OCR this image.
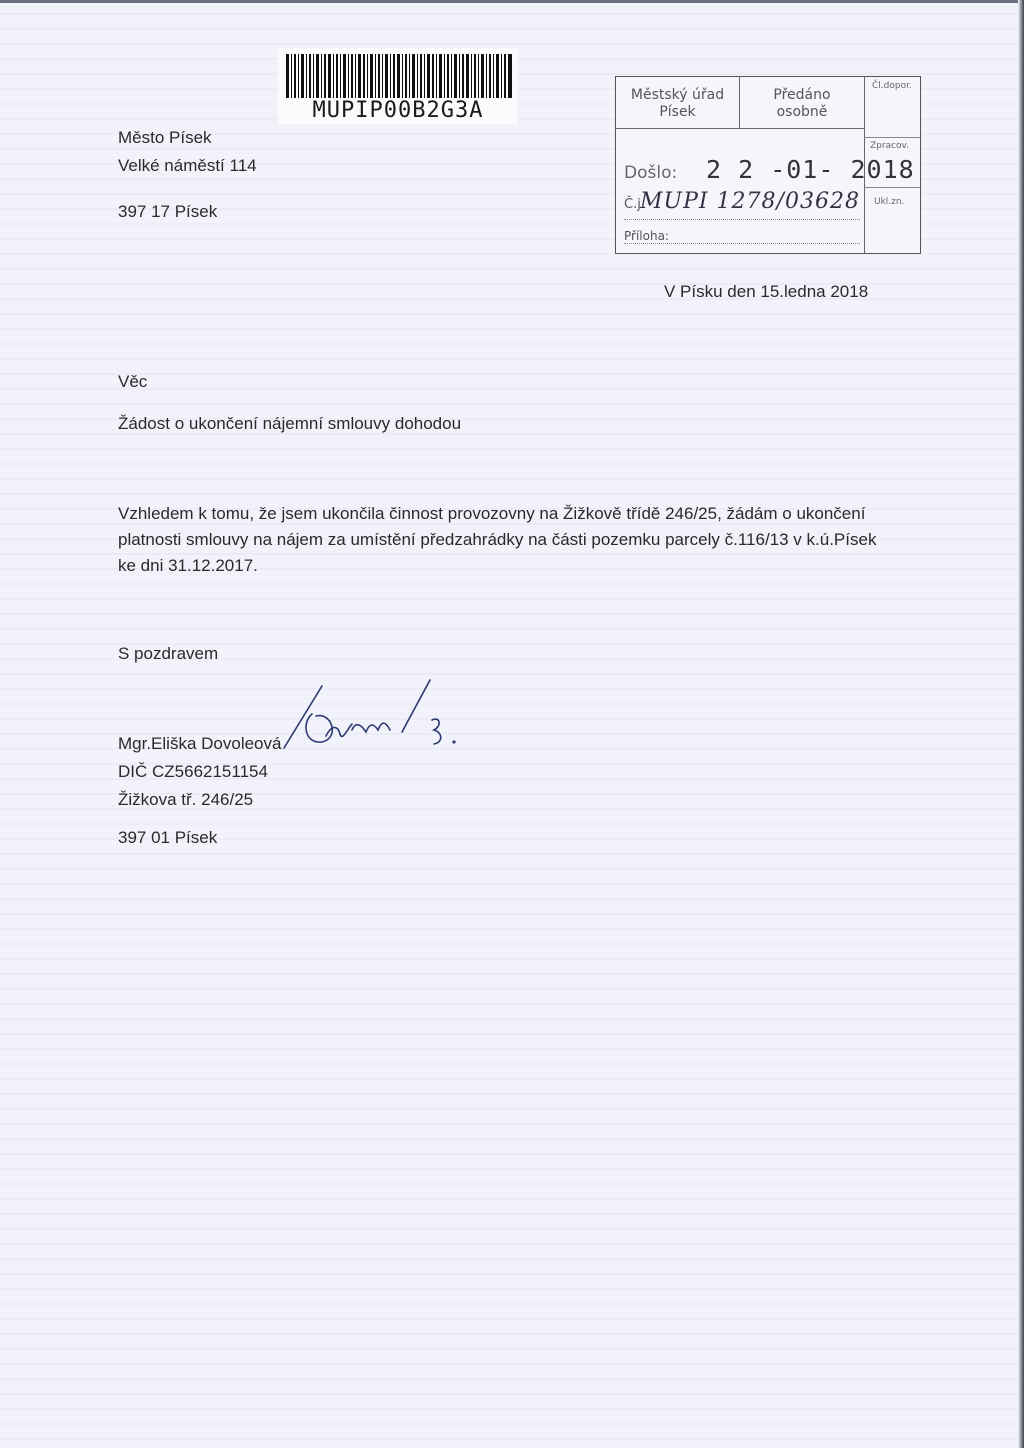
MUPIP00B2G3A
Město Písek
Velké náměstí 114
397 17 Písek
Městský úřad
Písek
Předáno
osobně
Čl.dopor.
Zpracov.
Ukl.zn.
Došlo: 2 2 -01- 2018
Č.j.
MUPI 1278/03628
Příloha:
V Písku den 15.ledna 2018
Věc
Žádost o ukončení nájemní smlouvy dohodou
Vzhledem k tomu, že jsem ukončila činnost provozovny na Žižkově třídě 246/25, žádám o ukončení
platnosti smlouvy na nájem za umístění předzahrádky na části pozemku parcely č.116/13 v k.ú.Písek
ke dni 31.12.2017.
S pozdravem
Mgr.Eliška Dovoleová
DIČ CZ5662151154
Žižkova tř. 246/25
397 01 Písek
